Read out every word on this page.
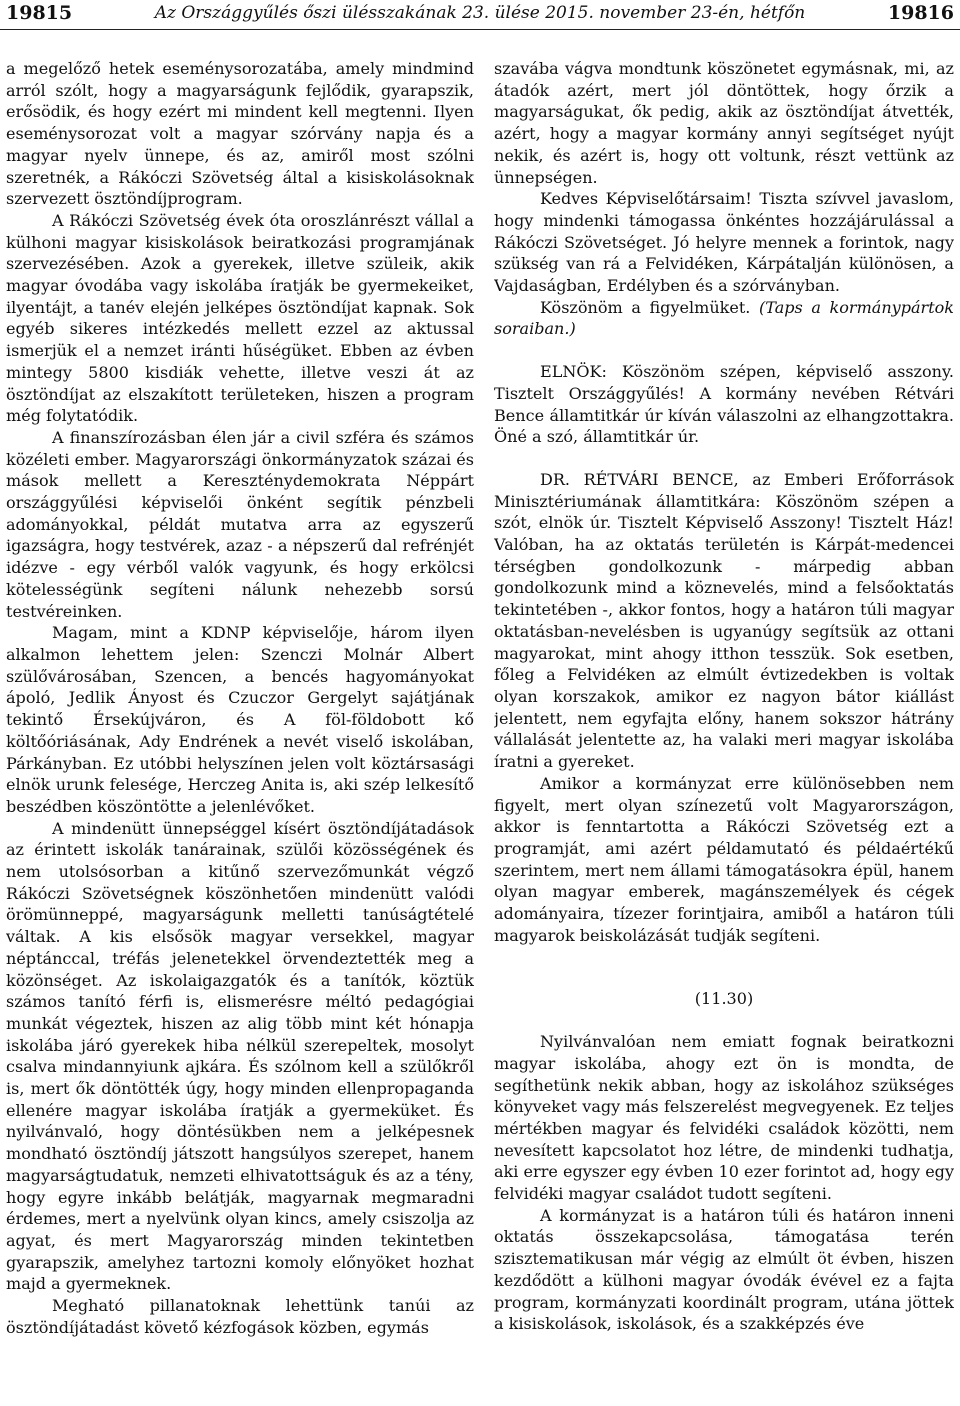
19815	Az Országgyűlés őszi ülésszakának 23. ülése 2015. november 23-én, hétfőn	19816

a megelőző hetek eseménysorozatába, amely mindmind arról szólt, hogy a magyarságunk fejlődik, gyarapszik, erősödik, és hogy ezért mi mindent kell megtenni. Ilyen eseménysorozat volt a magyar szórvány napja és a magyar nyelv ünnepe, és az, amiről most szólni szeretnék, a Rákóczi Szövetség által a kisiskolásoknak szervezett ösztöndíjprogram.

A Rákóczi Szövetség évek óta oroszlánrészt vállal a külhoni magyar kisiskolások beiratkozási programjának szervezésében. Azok a gyerekek, illetve szüleik, akik magyar óvodába vagy iskolába íratják be gyermekeiket, ilyentájt, a tanév elején jelképes ösztöndíjat kapnak. Sok egyéb sikeres intézkedés mellett ezzel az aktussal ismerjük el a nemzet iránti hűségüket. Ebben az évben mintegy 5800 kisdiák vehette, illetve veszi át az ösztöndíjat az elszakított területeken, hiszen a program még folytatódik.

A finanszírozásban élen jár a civil szféra és számos közéleti ember. Magyarországi önkormányzatok százai és mások mellett a Kereszténydemokrata Néppárt országgyűlési képviselői önként segítik pénzbeli adományokkal, példát mutatva arra az egyszerű igazságra, hogy testvérek, azaz - a népszerű dal refrénjét idézve - egy vérből valók vagyunk, és hogy erkölcsi kötelességünk segíteni nálunk nehezebb sorsú testvéreinken.

Magam, mint a KDNP képviselője, három ilyen alkalmon lehettem jelen: Szenczi Molnár Albert szülővárosában, Szencen, a bencés hagyományokat ápoló, Jedlik Ányost és Czuczor Gergelyt sajátjának tekintő Érsekújváron, és A föl-földobott kő költőóriásának, Ady Endrének a nevét viselő iskolában, Párkányban. Ez utóbbi helyszínen jelen volt köztársasági elnök urunk felesége, Herczeg Anita is, aki szép lelkesítő beszédben köszöntötte a jelenlévőket.

A mindenütt ünnepséggel kísért ösztöndíjátadások az érintett iskolák tanárainak, szülői közösségének és nem utolsósorban a kitűnő szervezőmunkát végző Rákóczi Szövetségnek köszönhetően mindenütt valódi örömünneppé, magyarságunk melletti tanúságtételé váltak. A kis elsősök magyar versekkel, magyar néptánccal, tréfás jelenetekkel örvendeztették meg a közönséget. Az iskolaigazgatók és a tanítók, köztük számos tanító férfi is, elismerésre méltó pedagógiai munkát végeztek, hiszen az alig több mint két hónapja iskolába járó gyerekek hiba nélkül szerepeltek, mosolyt csalva mindannyiunk ajkára. És szólnom kell a szülőkről is, mert ők döntötték úgy, hogy minden ellenpropaganda ellenére magyar iskolába íratják a gyermeküket. És nyilvánvaló, hogy döntésükben nem a jelképesnek mondható ösztöndíj játszott hangsúlyos szerepet, hanem magyarságtudatuk, nemzeti elhivatottságuk és az a tény, hogy egyre inkább belátják, magyarnak megmaradni érdemes, mert a nyelvünk olyan kincs, amely csiszolja az agyat, és mert Magyarország minden tekintetben gyarapszik, amelyhez tartozni komoly előnyöket hozhat majd a gyermeknek.

Megható pillanatoknak lehettünk tanúi az ösztöndíjátadást követő kézfogások közben, egymás

szavába vágva mondtunk köszönetet egymásnak, mi, az átadók azért, mert jól döntöttek, hogy őrzik a magyarságukat, ők pedig, akik az ösztöndíjat átvették, azért, hogy a magyar kormány annyi segítséget nyújt nekik, és azért is, hogy ott voltunk, részt vettünk az ünnepségen.

Kedves Képviselőtársaim! Tiszta szívvel javaslom, hogy mindenki támogassa önkéntes hozzájárulással a Rákóczi Szövetséget. Jó helyre mennek a forintok, nagy szükség van rá a Felvidéken, Kárpátalján különösen, a Vajdaságban, Erdélyben és a szórványban.

Köszönöm a figyelmüket. (Taps a kormánypártok soraiban.)

ELNÖK: Köszönöm szépen, képviselő asszony. Tisztelt Országgyűlés! A kormány nevében Rétvári Bence államtitkár úr kíván válaszolni az elhangzottakra. Öné a szó, államtitkár úr.

DR. RÉTVÁRI BENCE, az Emberi Erőforrások Minisztériumának államtitkára: Köszönöm szépen a szót, elnök úr. Tisztelt Képviselő Asszony! Tisztelt Ház! Valóban, ha az oktatás területén is Kárpát-medencei térségben gondolkozunk - márpedig abban gondolkozunk mind a köznevelés, mind a felsőoktatás tekintetében -, akkor fontos, hogy a határon túli magyar oktatásban-nevelésben is ugyanúgy segítsük az ottani magyarokat, mint ahogy itthon tesszük. Sok esetben, főleg a Felvidéken az elmúlt évtizedekben is voltak olyan korszakok, amikor ez nagyon bátor kiállást jelentett, nem egyfajta előny, hanem sokszor hátrány vállalását jelentette az, ha valaki meri magyar iskolába íratni a gyereket.

Amikor a kormányzat erre különösebben nem figyelt, mert olyan színezetű volt Magyarországon, akkor is fenntartotta a Rákóczi Szövetség ezt a programját, ami azért példamutató és példaértékű szerintem, mert nem állami támogatásokra épül, hanem olyan magyar emberek, magánszemélyek és cégek adományaira, tízezer forintjaira, amiből a határon túli magyarok beiskolázását tudják segíteni.

(11.30)

Nyilvánvalóan nem emiatt fognak beiratkozni magyar iskolába, ahogy ezt ön is mondta, de segíthetünk nekik abban, hogy az iskolához szükséges könyveket vagy más felszerelést megvegyenek. Ez teljes mértékben magyar és felvidéki családok közötti, nem nevesített kapcsolatot hoz létre, de mindenki tudhatja, aki erre egyszer egy évben 10 ezer forintot ad, hogy egy felvidéki magyar családot tudott segíteni.

A kormányzat is a határon túli és határon inneni oktatás összekapcsolása, támogatása terén szisztematikusan már végig az elmúlt öt évben, hiszen kezdődött a külhoni magyar óvodák évével ez a fajta program, kormányzati koordinált program, utána jöttek a kisiskolások, iskolások, és a szakképzés éve
